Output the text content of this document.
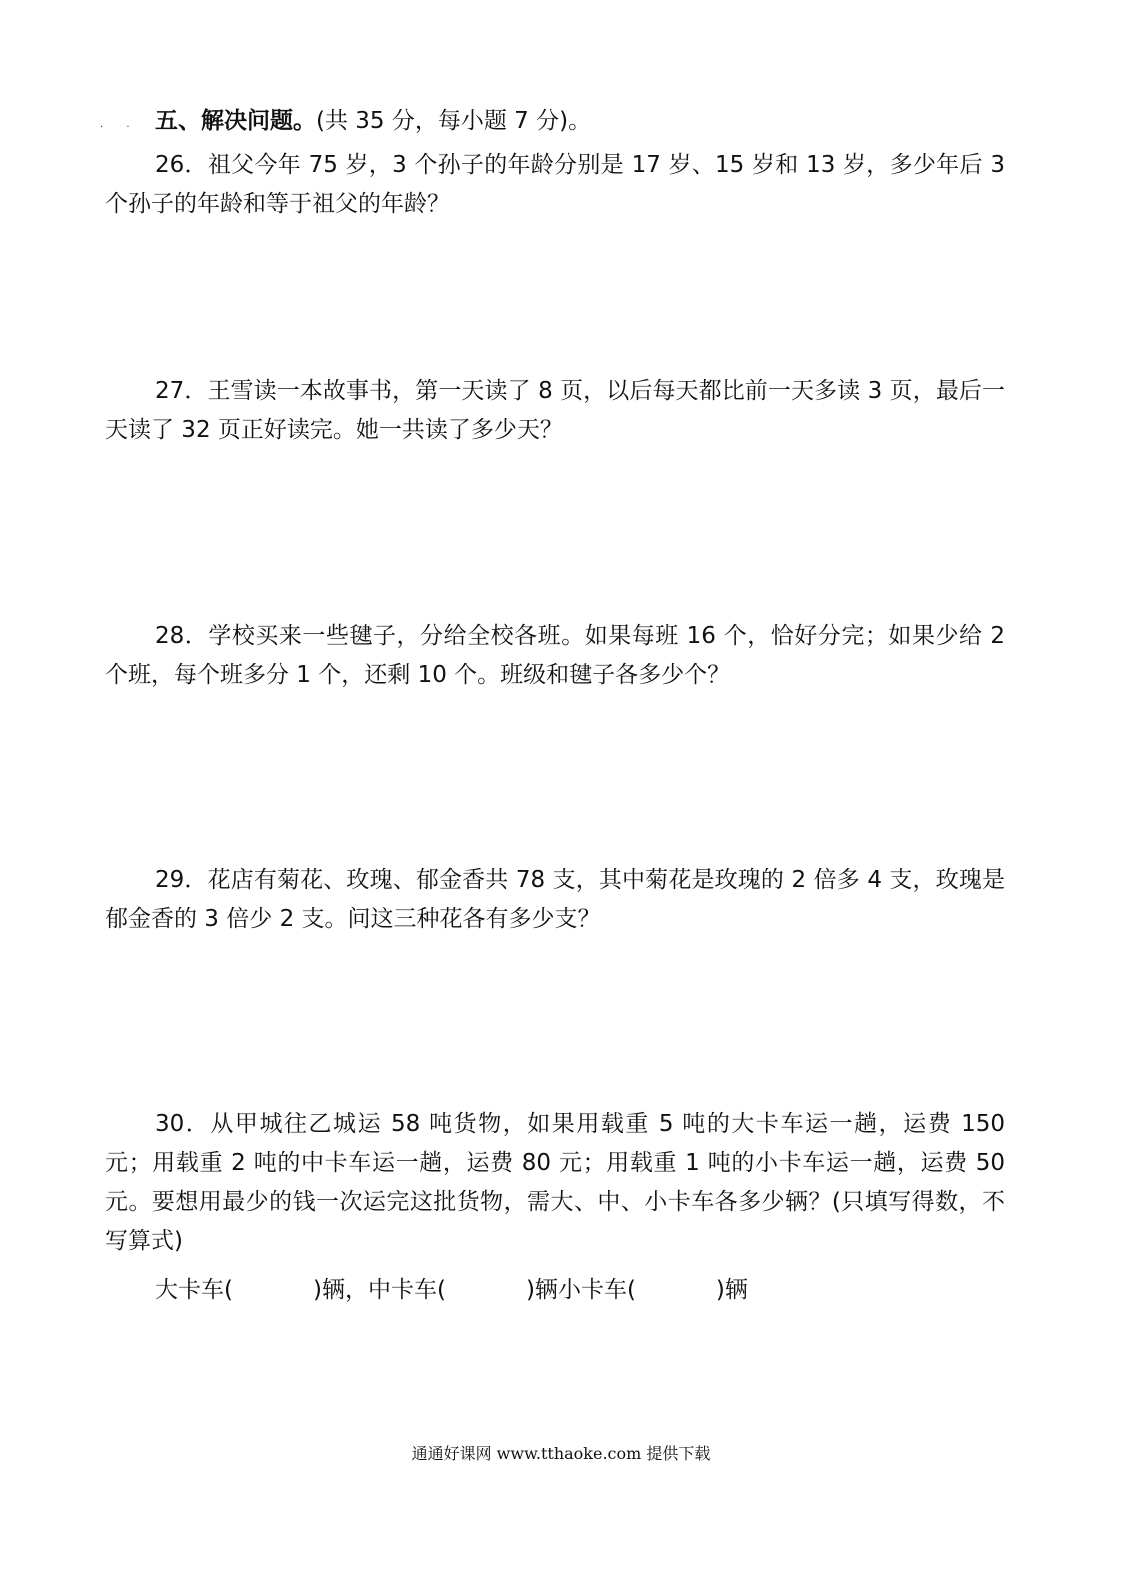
· · 五、解决问题。(共 35 分，每小题 7 分)。

26．祖父今年 75 岁，3 个孙子的年龄分别是 17 岁、15 岁和 13 岁，多少年后 3 个孙子的年龄和等于祖父的年龄？

27．王雪读一本故事书，第一天读了 8 页，以后每天都比前一天多读 3 页，最后一天读了 32 页正好读完。她一共读了多少天？

28．学校买来一些毽子，分给全校各班。如果每班 16 个，恰好分完；如果少给 2 个班，每个班多分 1 个，还剩 10 个。班级和毽子各多少个？

29．花店有菊花、玫瑰、郁金香共 78 支，其中菊花是玫瑰的 2 倍多 4 支，玫瑰是郁金香的 3 倍少 2 支。问这三种花各有多少支？

30．从甲城往乙城运 58 吨货物，如果用载重 5 吨的大卡车运一趟，运费 150 元；用载重 2 吨的中卡车运一趟，运费 80 元；用载重 1 吨的小卡车运一趟，运费 50 元。要想用最少的钱一次运完这批货物，需大、中、小卡车各多少辆？(只填写得数，不写算式)

大卡车(	)辆，中卡车(	)辆小卡车(	)辆
通通好课网 www.tthaoke.com 提供下载
